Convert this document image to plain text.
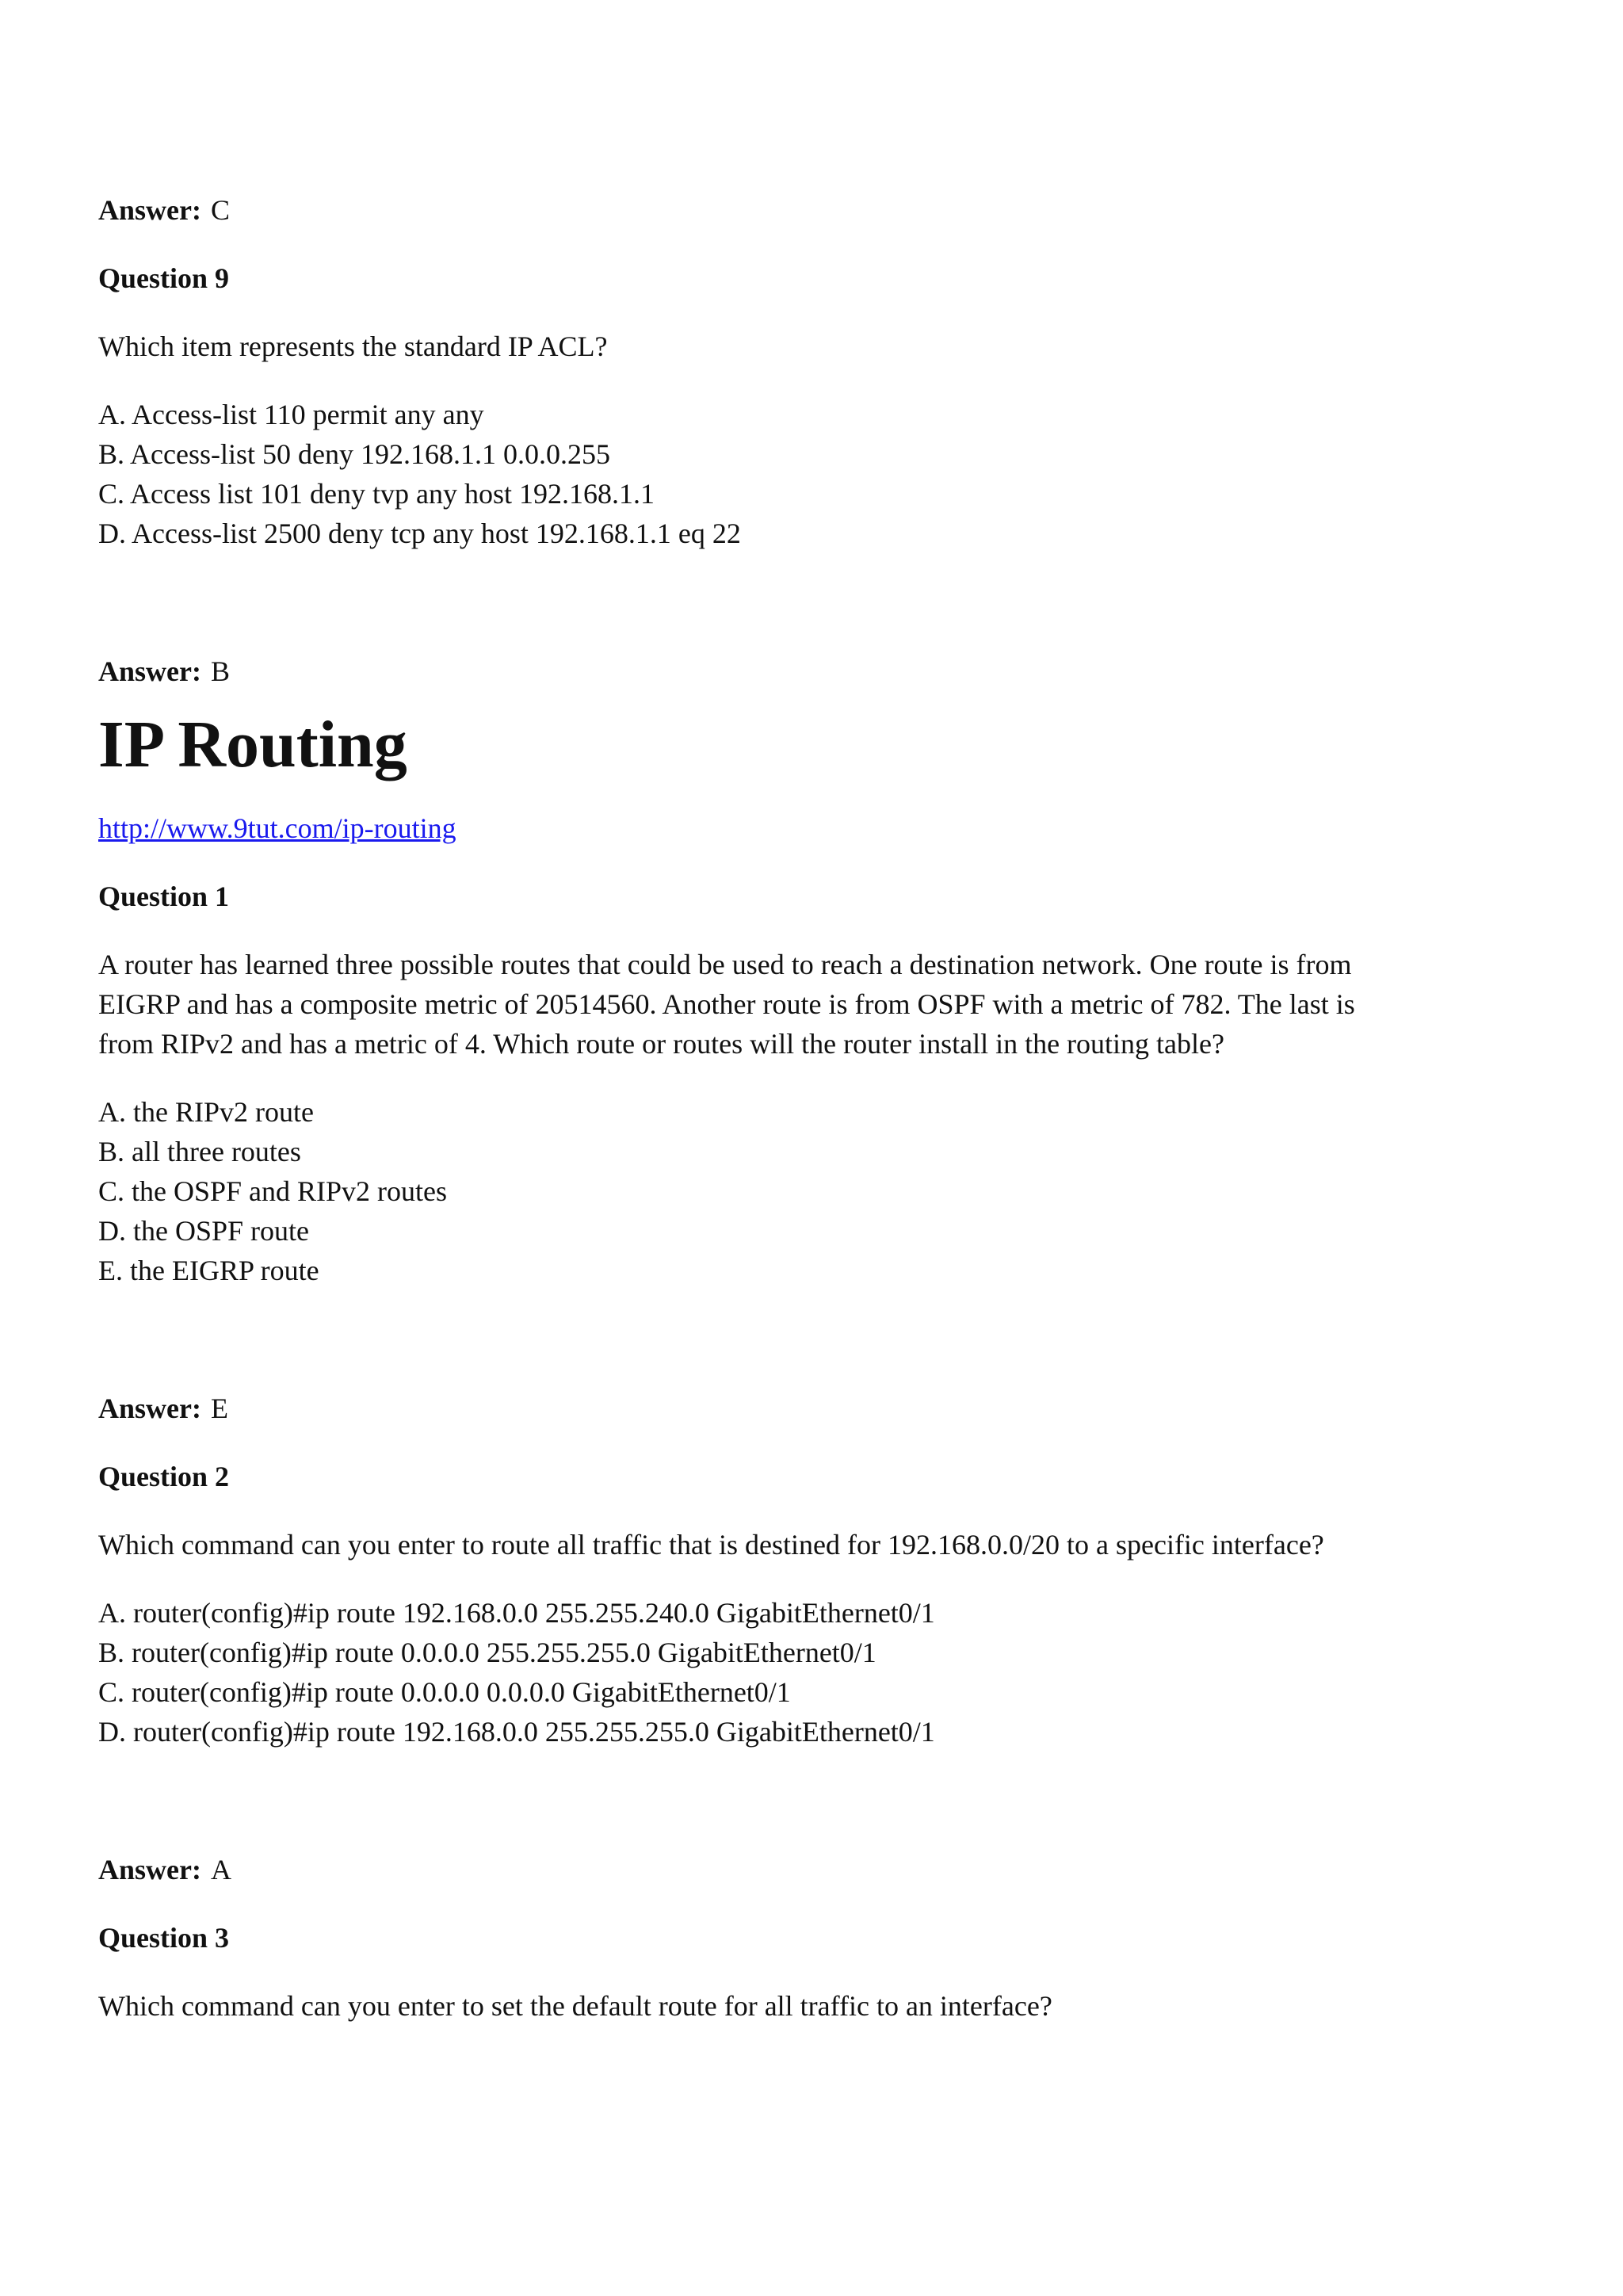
Answer: C

Question 9

Which item represents the standard IP ACL?

A. Access-list 110 permit any any

B. Access-list 50 deny 192.168.1.1 0.0.0.255

C. Access list 101 deny tvp any host 192.168.1.1

D. Access-list 2500 deny tcp any host 192.168.1.1 eq 22

Answer: B

IP Routing

http://www.9tut.com/ip-routing

Question 1

A router has learned three possible routes that could be used to reach a destination network. One route is from

EIGRP and has a composite metric of 20514560. Another route is from OSPF with a metric of 782. The last is

from RIPv2 and has a metric of 4. Which route or routes will the router install in the routing table?

A. the RIPv2 route

B. all three routes

C. the OSPF and RIPv2 routes

D. the OSPF route

E. the EIGRP route

Answer: E

Question 2

Which command can you enter to route all traffic that is destined for 192.168.0.0/20 to a specific interface?

A. router(config)#ip route 192.168.0.0 255.255.240.0 GigabitEthernet0/1

B. router(config)#ip route 0.0.0.0 255.255.255.0 GigabitEthernet0/1

C. router(config)#ip route 0.0.0.0 0.0.0.0 GigabitEthernet0/1

D. router(config)#ip route 192.168.0.0 255.255.255.0 GigabitEthernet0/1

Answer: A

Question 3

Which command can you enter to set the default route for all traffic to an interface?
